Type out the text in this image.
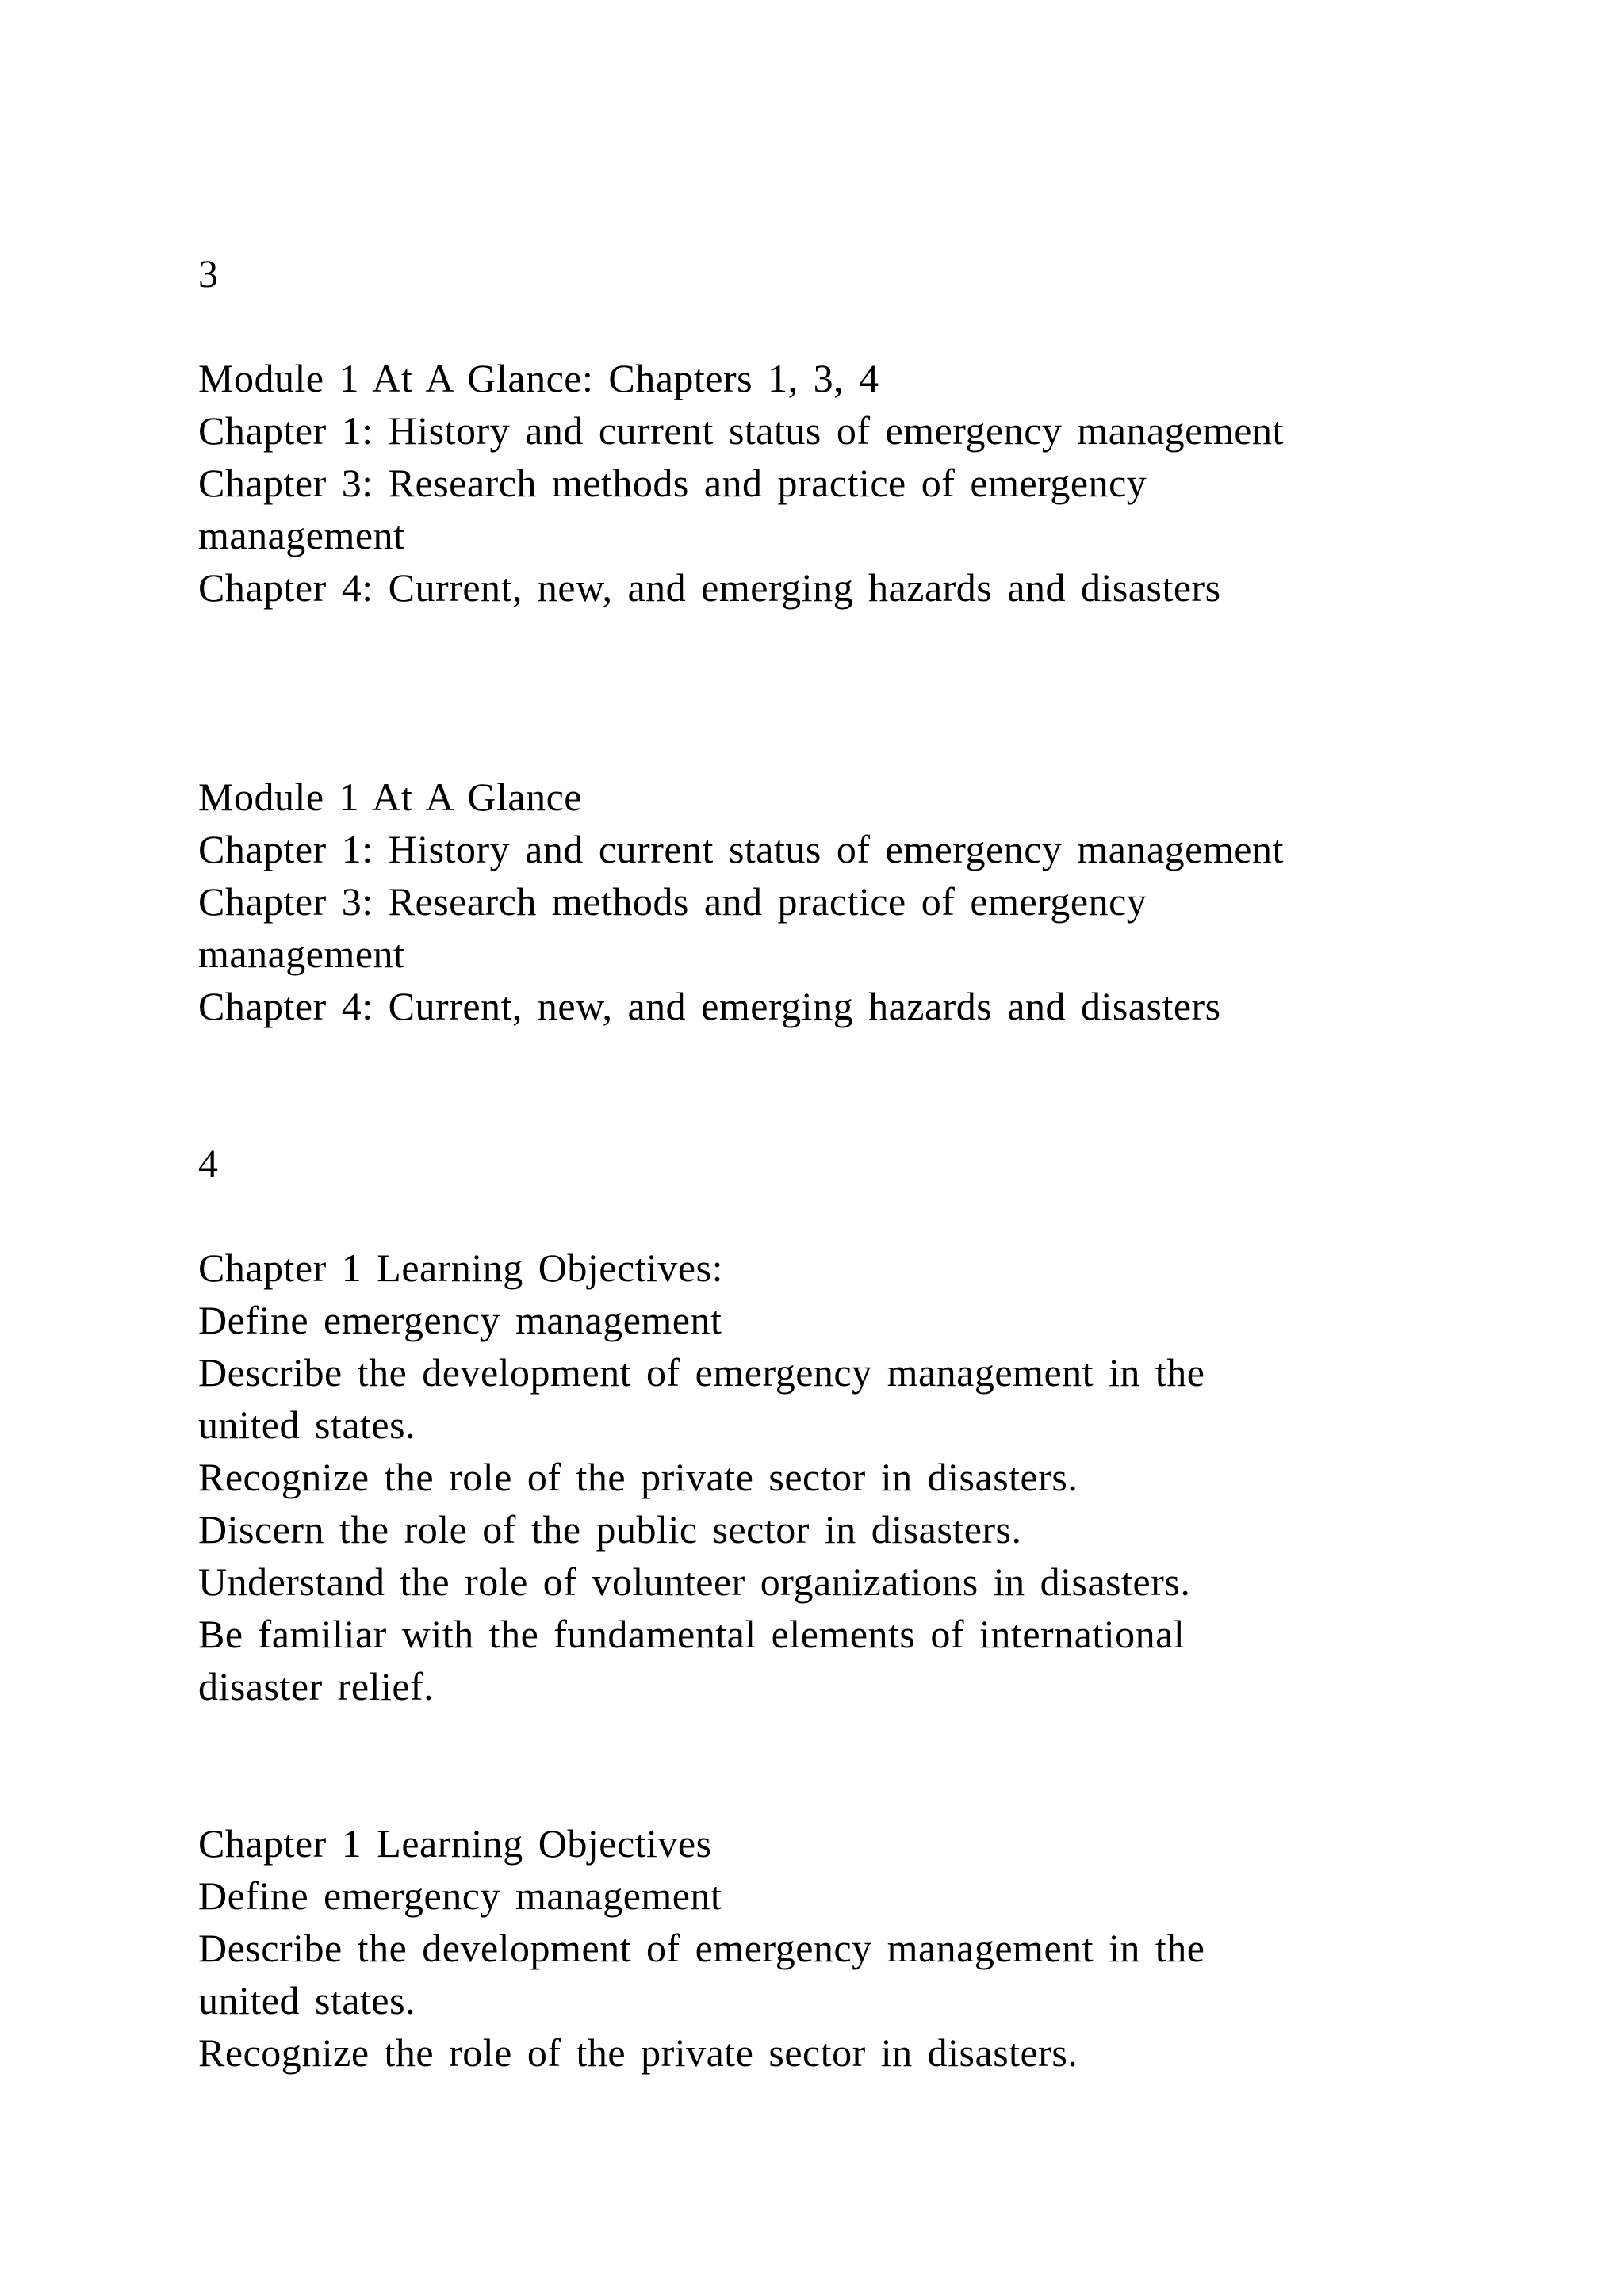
3

Module 1 At A Glance: Chapters 1, 3, 4

Chapter 1: History and current status of emergency management

Chapter 3: Research methods and practice of emergency

management

Chapter 4: Current, new, and emerging hazards and disasters

Module 1 At A Glance

Chapter 1: History and current status of emergency management

Chapter 3: Research methods and practice of emergency

management

Chapter 4: Current, new, and emerging hazards and disasters

4

Chapter 1 Learning Objectives:

Define emergency management

Describe the development of emergency management in the

united states.

Recognize the role of the private sector in disasters.

Discern the role of the public sector in disasters.

Understand the role of volunteer organizations in disasters.

Be familiar with the fundamental elements of international

disaster relief.

Chapter 1 Learning Objectives

Define emergency management

Describe the development of emergency management in the

united states.

Recognize the role of the private sector in disasters.
